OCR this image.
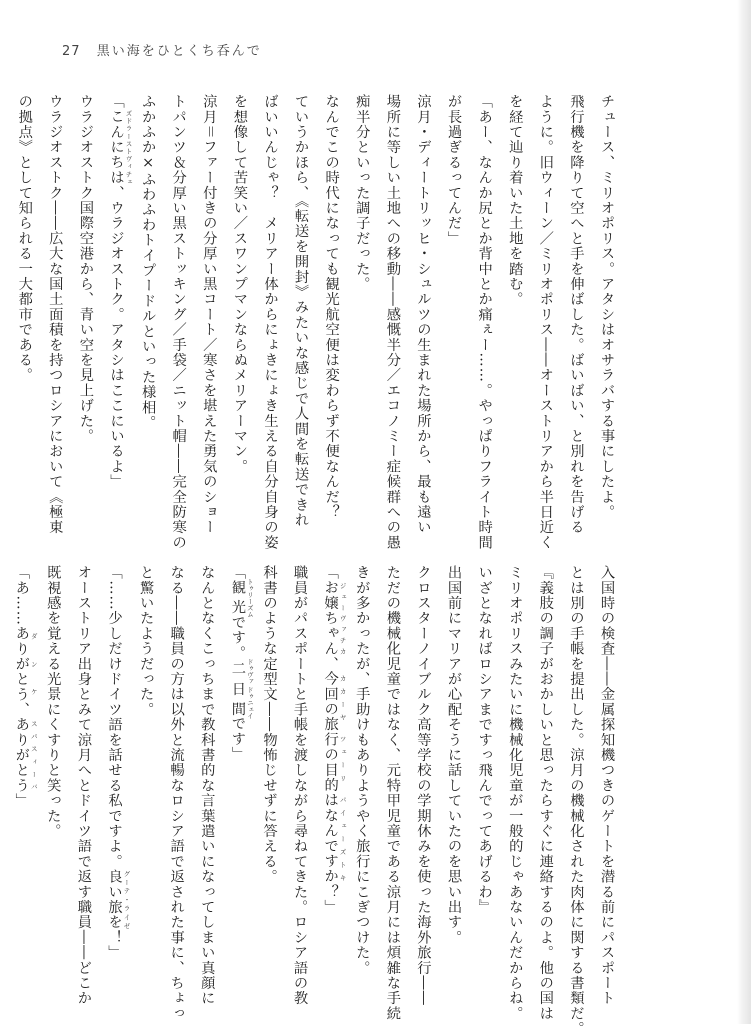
27 黒い海をひとくち呑んで

チュース、ミリオポリス。アタシはオサラバする事にしたよ。

飛行機を降りて空へと手を伸ばした。ばいばい、と別れを告げる

ように。旧ウィーン／ミリオポリス――オーストリアから半日近く

を経て辿り着いた土地を踏む。

「あー、なんか尻とか背中とか痛ぇー……。やっぱりフライト時間

が長過ぎるってんだ」

涼月・ディートリッヒ・シュルツの生まれた場所から、最も遠い

場所に等しい土地への移動――感慨半分／エコノミー症候群への愚

痴半分といった調子だった。

なんでこの時代になっても観光航空便は変わらず不便なんだ？

ていうかほら、《転送を開封》みたいな感じで人間を転送できれ

ばいいんじゃ？　メリアー体からにょきにょき生える自分自身の姿

を想像して苦笑い／スワンプマンならぬメリアーマン。

涼月＝ファー付きの分厚い黒コート／寒さを堪えた勇気のショー

トパンツ＆分厚い黒ストッキング／手袋／ニット帽――完全防寒の

ふかふか×ふわふわトイプードルといった様相。

「こんにちは ズドラーストヴィチェ、ウラジオストク。アタシはここにいるよ」

ウラジオストク国際空港から、青い空を見上げた。

ウラジオストク――広大な国土面積を持つロシアにおいて《極東

の拠点》として知られる一大都市である。

入国時の検査――金属探知機つきのゲートを潜る前にパスポート

とは別の手帳を提出した。涼月の機械化された肉体に関する書類だ。

『義肢の調子がおかしいと思ったらすぐに連絡するのよ。他の国は

ミリオポリスみたいに機械化児童が一般的じゃあないんだからね。

いざとなればロシアまですっ飛んでってあげるわ』

出国前にマリアが心配そうに話していたのを思い出す。

クロスターノイブルク高等学校の学期休みを使った海外旅行――

ただの機械化児童ではなく、元特甲児童である涼月には煩雑な手続

きが多かったが、手助けもありようやく旅行にこぎつけた。

「お嬢ちゃん ジェーヴァチカ、今回の旅行の目的はなんですか カカーヤ ツェーリ パイェーズトキ？」

職員がパスポートと手帳を渡しながら尋ねてきた。ロシア語の教

科書のような定型文――物怖じせずに答える。

「観光 トゥリーズムです。二日間 ドゥヴァ ドゥニェイです」

なんとなくこっちまで教科書的な言葉遣いになってしまい真顔に

なる――職員の方は以外と流暢なロシア語で返された事に、ちょっ

と驚いたようだった。

「……少しだけドイツ語を話せる私ですよ。良い旅を グーテ・ライゼ！」

オーストリア出身とみて涼月へとドイツ語で返す職員――どこか

既視感を覚える光景にくすりと笑った。

「あ……ありがとう ダンケ、ありがとう スパスィーバ」
